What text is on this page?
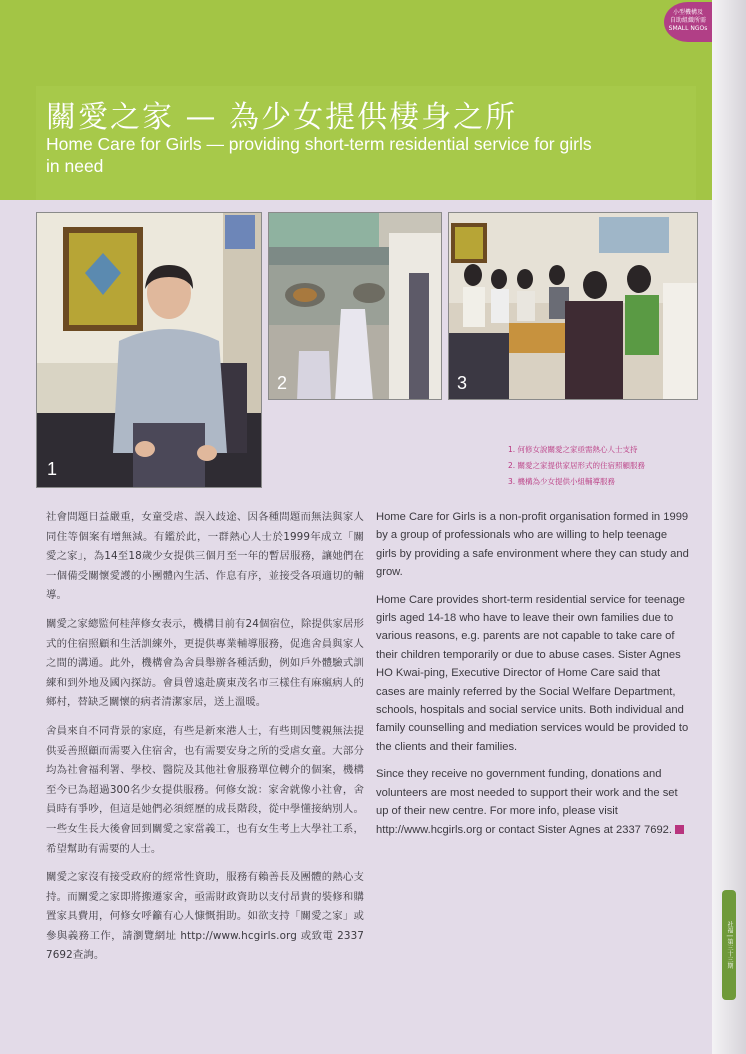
關愛之家 — 為少女提供棲身之所
Home Care for Girls — providing short-term residential service for girls in need
小型機構及
自助組織所需
SMALL NGOs
1
2	3
1. 何修女說關愛之家亟需熱心人士支持
2. 關愛之家提供家居形式的住宿照顧服務
3. 機構為少女提供小組輔導服務

社會問題日益嚴重，女童受虐、誤入歧途、因各種問題而無法與家人同住等個案有增無減。有鑑於此，一群熱心人士於1999年成立「關愛之家」，為14至18歲少女提供三個月至一年的暫居服務，讓她們在一個備受關懷愛護的小團體內生活、作息有序，並接受各項適切的輔導。

關愛之家總監何桂萍修女表示，機構目前有24個宿位，除提供家居形式的住宿照顧和生活訓練外，更提供專業輔導服務，促進舍員與家人之間的溝通。此外，機構會為舍員舉辦各種活動，例如戶外體驗式訓練和到外地及國內探訪。會員曾遠赴廣東茂名市三樣住有麻瘋病人的鄉村，替缺乏關懷的病者清潔家居，送上溫暖。

舍員來自不同背景的家庭，有些是新來港人士，有些則因雙親無法提供妥善照顧而需要入住宿舍，也有需要安身之所的受虐女童。大部分均為社會福利署、學校、醫院及其他社會服務單位轉介的個案，機構至今已為超過300名少女提供服務。何修女說：家舍就像小社會，舍員時有爭吵，但這是她們必須經歷的成長階段，從中學懂接納別人。一些女生長大後會回到關愛之家當義工，也有女生考上大學社工系，希望幫助有需要的人士。

關愛之家沒有接受政府的經常性資助，服務有賴善長及團體的熱心支持。而關愛之家即將搬遷家舍，亟需財政資助以支付昂貴的裝修和購置家具費用，何修女呼籲有心人慷慨捐助。如欲支持「關愛之家」或參與義務工作，請瀏覽網址 http://www.hcgirls.org 或致電 2337 7692查詢。

Home Care for Girls is a non-profit organisation formed in 1999 by a group of professionals who are willing to help teenage girls by providing a safe environment where they can study and grow.

Home Care provides short-term residential service for teenage girls aged 14-18 who have to leave their own families due to various reasons, e.g. parents are not capable to take care of their children temporarily or due to abuse cases. Sister Agnes HO Kwai-ping, Executive Director of Home Care said that cases are mainly referred by the Social Welfare Department, schools, hospitals and social service units. Both individual and family counselling and mediation services would be provided to the clients and their families.

Since they receive no government funding, donations and volunteers are most needed to support their work and the set up of their new centre. For more info, please visit http://www.hcgirls.org or contact Sister Agnes at 2337 7692.

社福 | 第三十三期
